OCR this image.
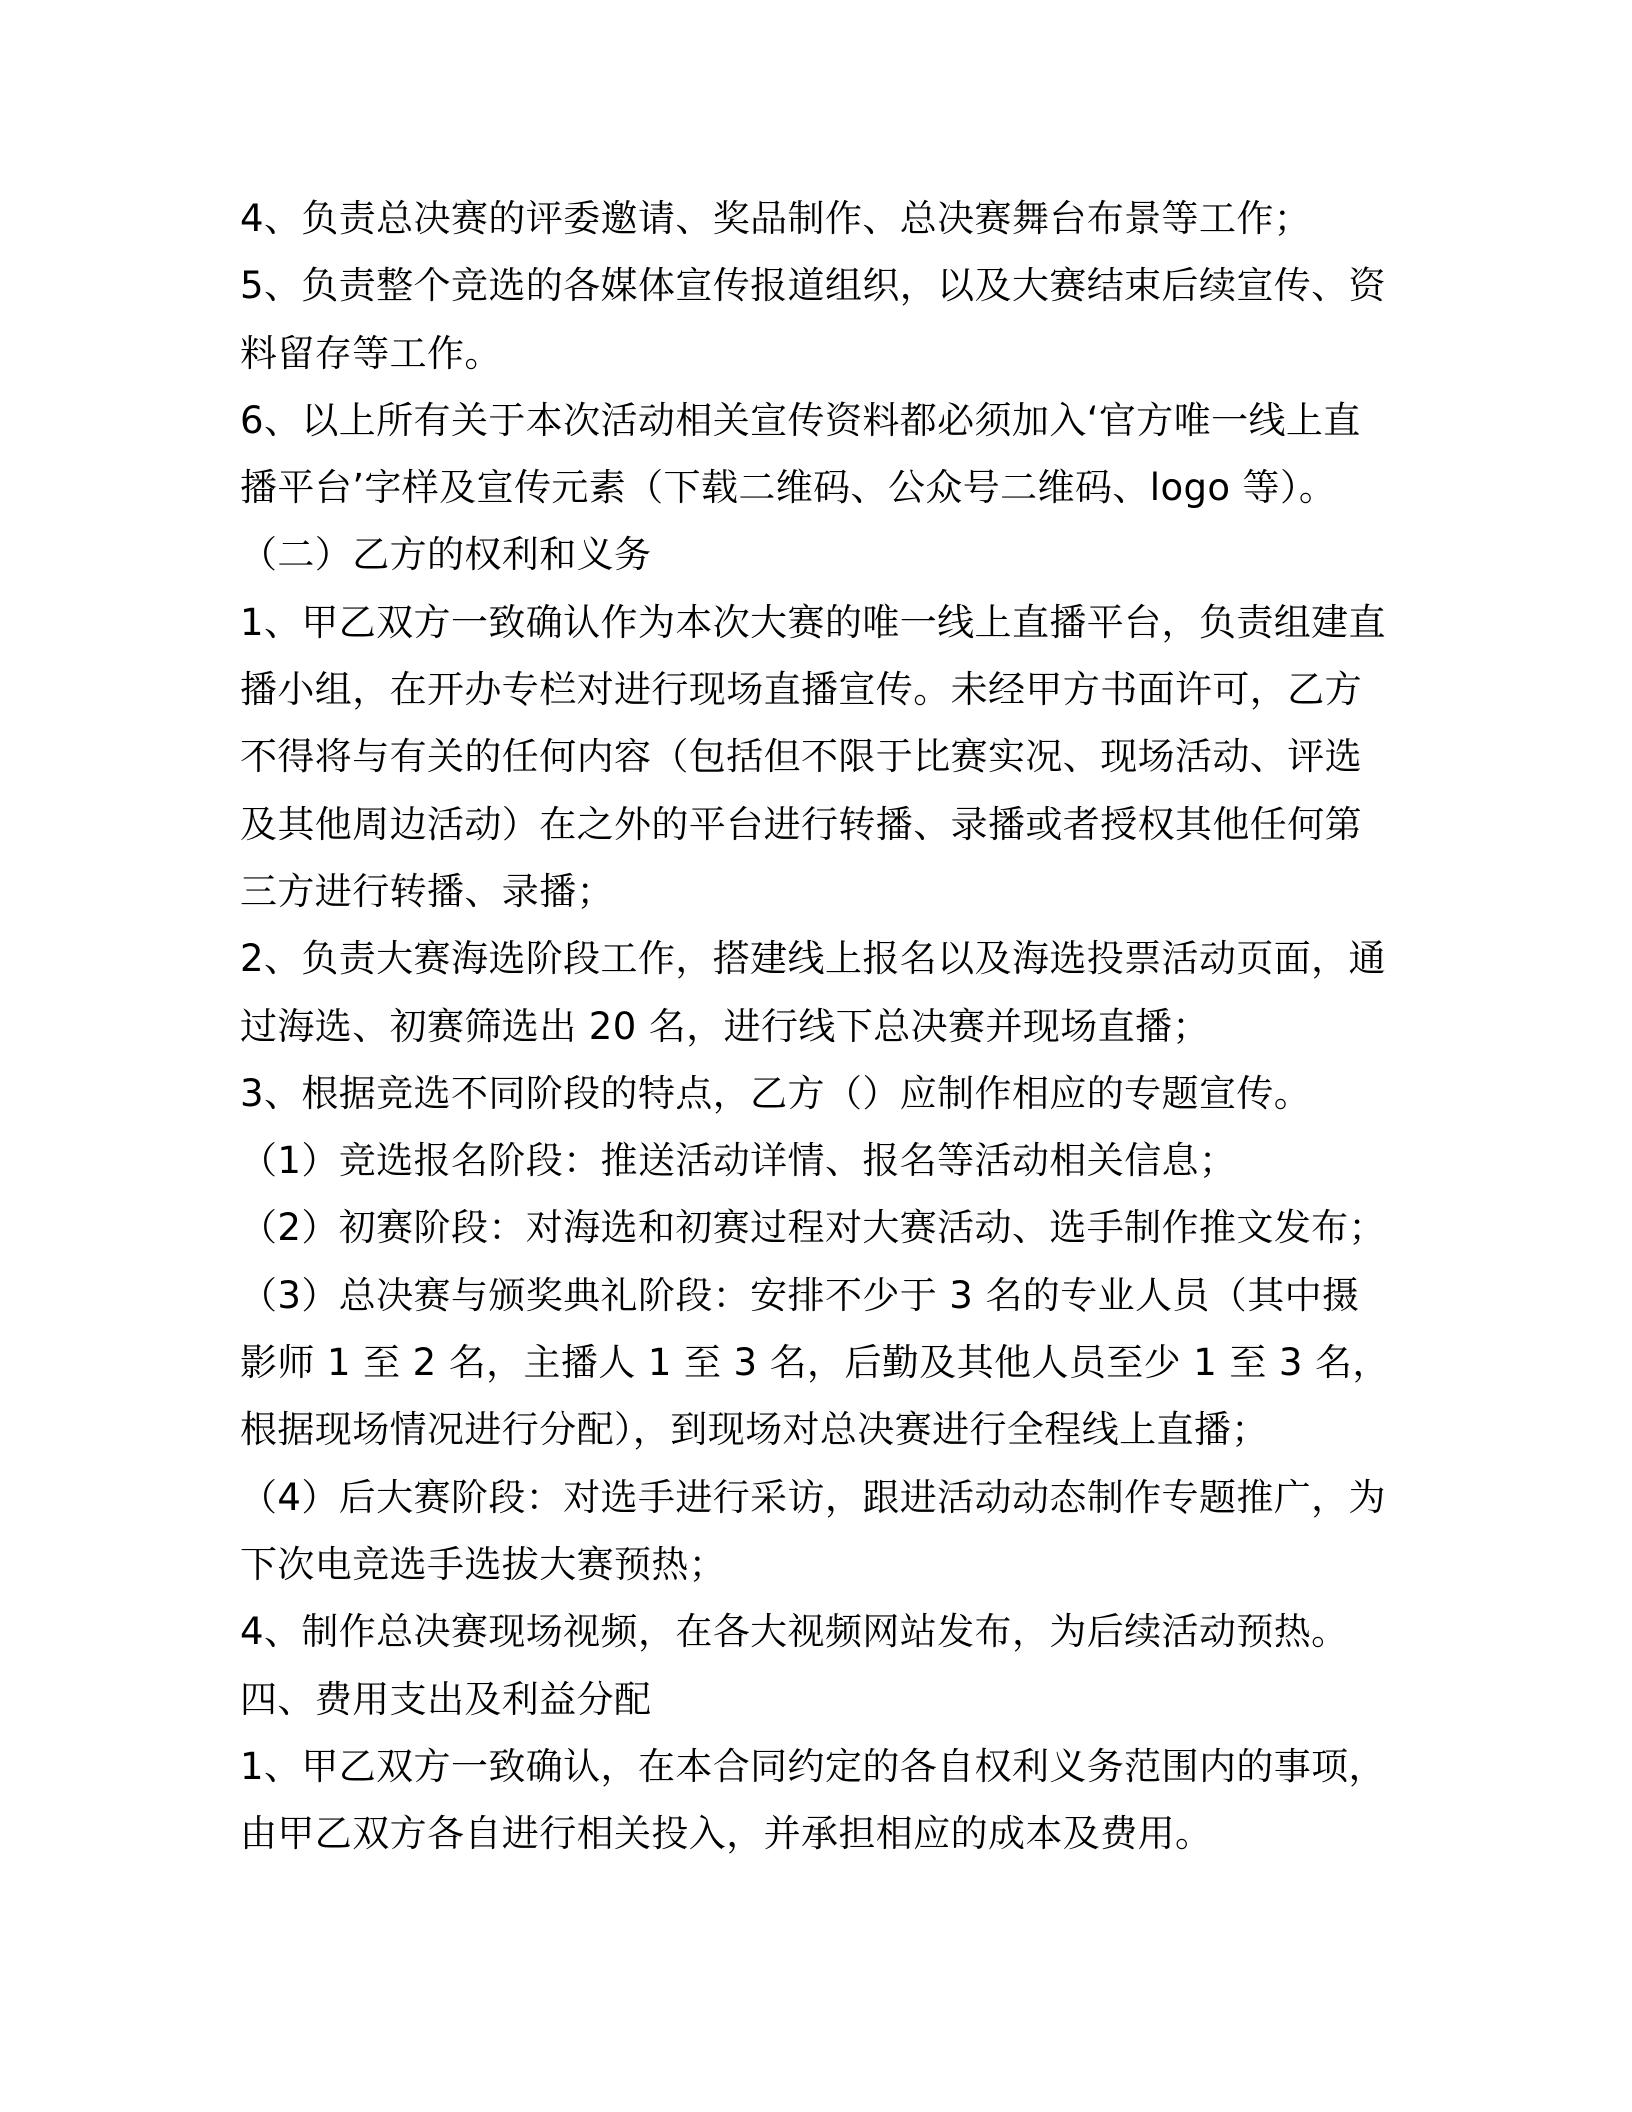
4、负责总决赛的评委邀请、奖品制作、总决赛舞台布景等工作；

5、负责整个竞选的各媒体宣传报道组织，以及大赛结束后续宣传、资料留存等工作。

6、以上所有关于本次活动相关宣传资料都必须加入‘官方唯一线上直播平台’字样及宣传元素（下载二维码、公众号二维码、logo 等）。

（二）乙方的权利和义务

1、甲乙双方一致确认作为本次大赛的唯一线上直播平台，负责组建直播小组，在开办专栏对进行现场直播宣传。未经甲方书面许可，乙方不得将与有关的任何内容（包括但不限于比赛实况、现场活动、评选及其他周边活动）在之外的平台进行转播、录播或者授权其他任何第三方进行转播、录播；

2、负责大赛海选阶段工作，搭建线上报名以及海选投票活动页面，通过海选、初赛筛选出 20 名，进行线下总决赛并现场直播；

3、根据竞选不同阶段的特点，乙方（）应制作相应的专题宣传。

（1）竞选报名阶段：推送活动详情、报名等活动相关信息；

（2）初赛阶段：对海选和初赛过程对大赛活动、选手制作推文发布；

（3）总决赛与颁奖典礼阶段：安排不少于 3 名的专业人员（其中摄影师 1 至 2 名，主播人 1 至 3 名，后勤及其他人员至少 1 至 3 名，根据现场情况进行分配），到现场对总决赛进行全程线上直播；

（4）后大赛阶段：对选手进行采访，跟进活动动态制作专题推广，为下次电竞选手选拔大赛预热；

4、制作总决赛现场视频，在各大视频网站发布，为后续活动预热。

四、费用支出及利益分配

1、甲乙双方一致确认，在本合同约定的各自权利义务范围内的事项，由甲乙双方各自进行相关投入，并承担相应的成本及费用。
